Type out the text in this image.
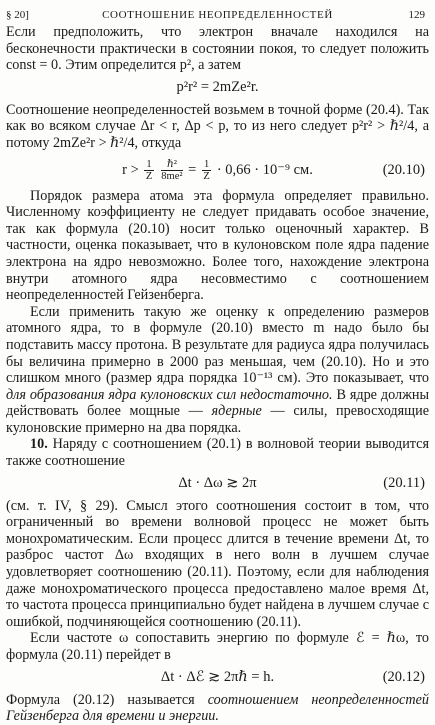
§ 20]	СООТНОШЕНИЕ НЕОПРЕДЕЛЕННОСТЕЙ	129

Если предположить, что электрон вначале находился на бесконечности практически в состоянии покоя, то следует положить const = 0. Этим определится p², а затем

p²r² = 2mZe²r.

Соотношение неопределенностей возьмем в точной форме (20.4). Так как во всяком случае Δr < r, Δp < p, то из него следует p²r² > ℏ²/4, а потому 2mZe²r > ℏ²/4, откуда

$r > \frac{1}{Z}$
$\frac{\text{ℏ²}}{\text{8me²}} = \frac{1}{Z} \cdot 0,66 \cdot 10^{-9}$ см.	(20.10)

Порядок размера атома эта формула определяет правильно. Численному коэффициенту не следует придавать особое значение, так как формула (20.10) носит только оценочный характер. В частности, оценка показывает, что в кулоновском поле ядра падение электрона на ядро невозможно. Более того, нахождение электрона внутри атомного ядра несовместимо с соотношением неопределенностей Гейзенберга.

Если применить такую же оценку к определению размеров атомного ядра, то в формуле (20.10) вместо m надо было бы подставить массу протона. В результате для радиуса ядра получилась бы величина примерно в 2000 раз меньшая, чем (20.10). Но и это слишком много (размер ядра порядка 10⁻¹³ см). Это показывает, что для образования ядра кулоновских сил недостаточно. В ядре должны действовать более мощные — ядерные — силы, превосходящие кулоновские примерно на два порядка.

10. Наряду с соотношением (20.1) в волновой теории выводится также соотношение

Δt · Δω ≳ 2π	(20.11)

(см. т. IV, § 29). Смысл этого соотношения состоит в том, что ограниченный во времени волновой процесс не может быть монохроматическим. Если процесс длится в течение времени Δt, то разброс частот Δω входящих в него волн в лучшем случае удовлетворяет соотношению (20.11). Поэтому, если для наблюдения даже монохроматического процесса предоставлено малое время Δt, то частота процесса принципиально будет найдена в лучшем случае с ошибкой, подчиняющейся соотношению (20.11).

Если частоте ω сопоставить энергию по формуле ℰ = ℏω, то формула (20.11) перейдет в

Δt · Δℰ ≳ 2πℏ = h.	(20.12)

Формула (20.12) называется соотношением неопределенностей Гейзенберга для времени и энергии.
